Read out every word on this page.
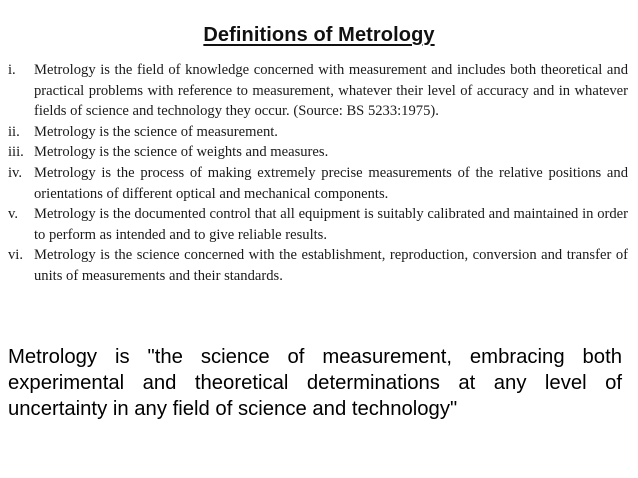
Definitions of Metrology
i.	Metrology is the field of knowledge concerned with measurement and includes both theoretical and practical problems with reference to measurement, whatever their level of accuracy and in whatever fields of science and technology they occur. (Source: BS 5233:1975).
ii. Metrology is the science of measurement.
iii. Metrology is the science of weights and measures.
iv. Metrology is the process of making extremely precise measurements of the relative positions and orientations of different optical and mechanical components.
v.	Metrology is the documented control that all equipment is suitably calibrated and maintained in order to perform as intended and to give reliable results.
vi. Metrology is the science concerned with the establishment, reproduction, conversion and transfer of units of measurements and their standards.
Metrology is "the science of measurement, embracing both experimental and theoretical determinations at any level of uncertainty in any field of science and technology"
